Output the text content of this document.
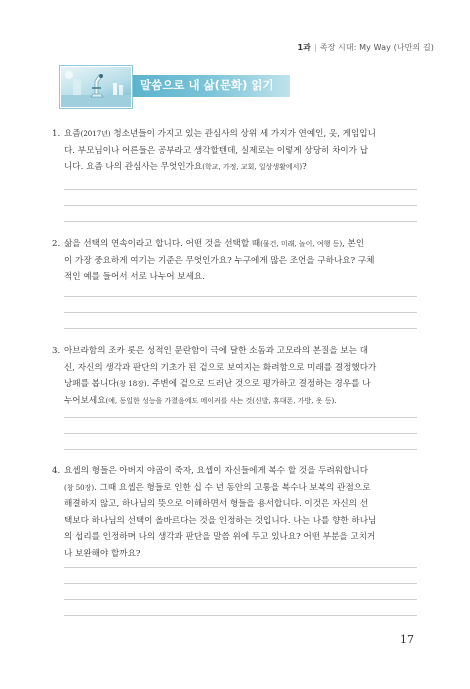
1과 | 족장 시대: My Way (나만의 길)
말씀으로 내 삶(문화) 읽기
1. 요즘(2017년) 청소년들이 가지고 있는 관심사의 상위 세 가지가 연예인, 옷, 게임입니
다. 부모님이나 어른들은 공부라고 생각할텐데, 실제로는 이렇게 상당히 차이가 납
니다. 요즘 나의 관심사는 무엇인가요(학교, 가정, 교회, 일상생활에서)?
2. 삶을 선택의 연속이라고 합니다. 어떤 것을 선택할 때(물건, 미래, 놀이, 여행 등), 본인
이 가장 중요하게 여기는 기준은 무엇인가요? 누구에게 많은 조언을 구하나요? 구체
적인 예를 들어서 서로 나누어 보세요.
3. 아브라함의 조카 롯은 성적인 문란함이 극에 달한 소돔과 고모라의 본질을 보는 대
신, 자신의 생각과 판단의 기초가 된 겉으로 보여지는 화려함으로 미래를 결정했다가
낭패를 봅니다(창 18장). 주변에 겉으로 드러난 것으로 평가하고 결정하는 경우를 나
누어보세요(예, 동일한 성능을 가졌음에도 메이커를 사는 것(신발, 휴대폰, 가방, 옷 등).
4. 요셉의 형들은 아버지 야곱이 죽자, 요셉이 자신들에게 복수 할 것을 두려워합니다
(창 50장). 그때 요셉은 형들로 인한 십 수 년 동안의 고통을 복수나 보복의 관점으로
해결하지 않고, 하나님의 뜻으로 이해하면서 형들을 용서합니다. 이것은 자신의 선
택보다 하나님의 선택이 올바르다는 것을 인정하는 것입니다. 나는 나를 향한 하나님
의 섭리를 인정하며 나의 생각과 판단을 말씀 위에 두고 있나요? 어떤 부분을 고치거
나 보완해야 할까요?
17
